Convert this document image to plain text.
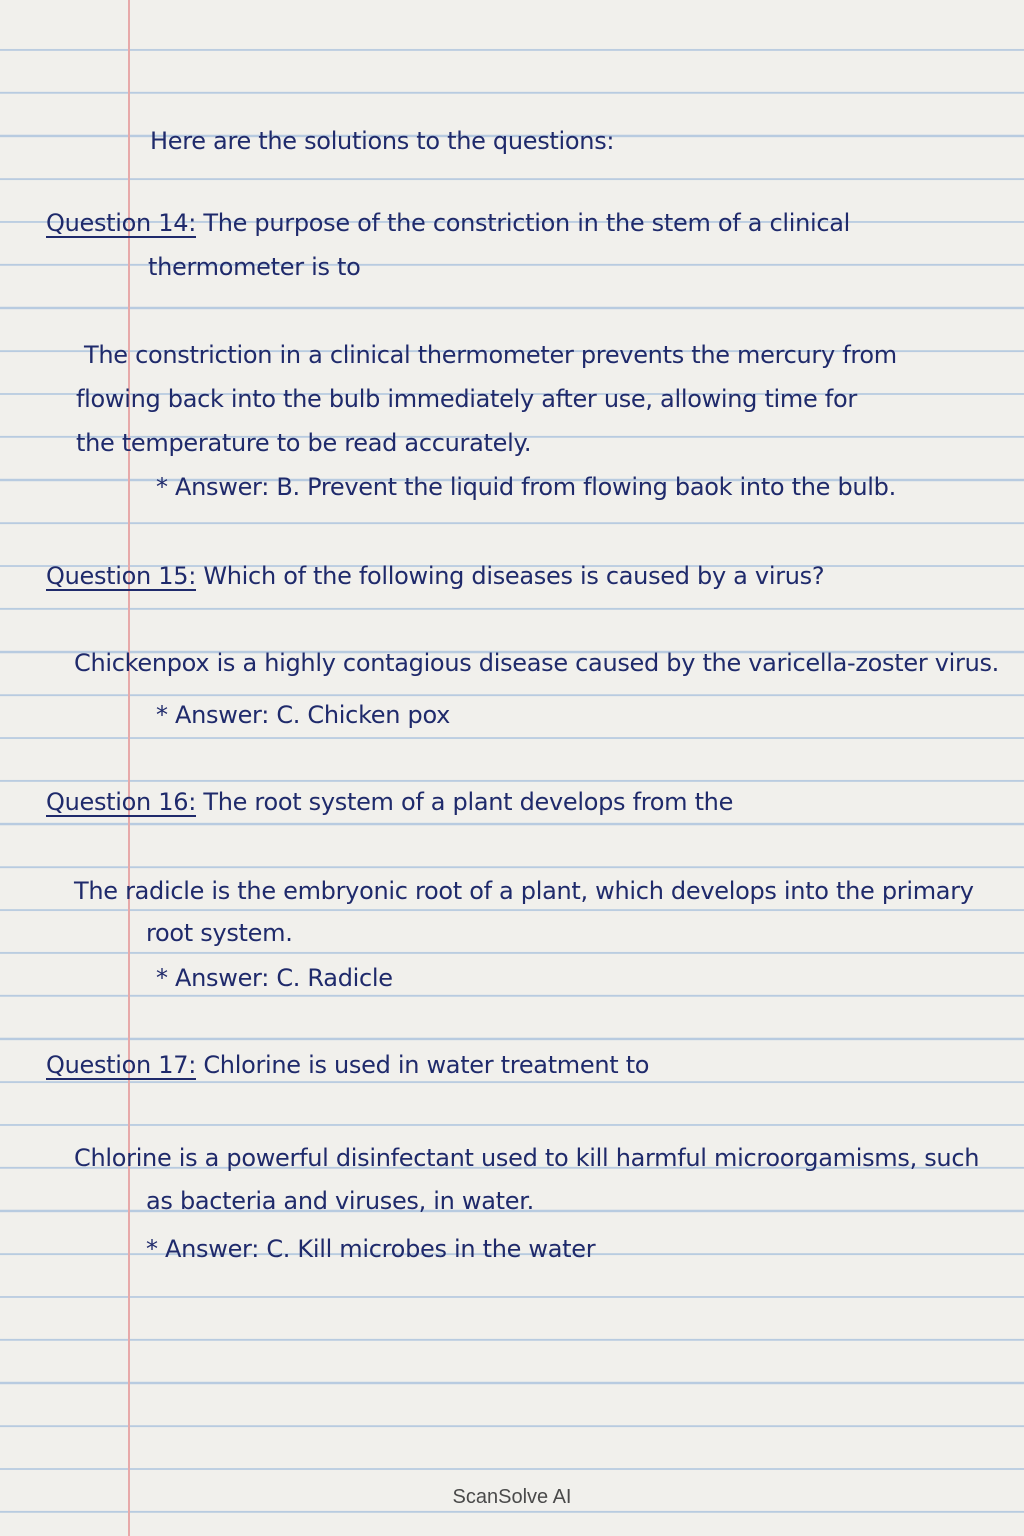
Here are the solutions to the questions:
Question 14: The purpose of the constriction in the stem of a clinical
thermometer is to
The constriction in a clinical thermometer prevents the mercury from
flowing back into the bulb immediately after use, allowing time for
the temperature to be read accurately.
* Answer: B. Prevent the liquid from flowing baok into the bulb.
Question 15: Which of the following diseases is caused by a virus?
Chickenpox is a highly contagious disease caused by the varicella-zoster virus.
* Answer: C. Chicken pox
Question 16: The root system of a plant develops from the
The radicle is the embryonic root of a plant, which develops into the primary
root system.
* Answer: C. Radicle
Question 17: Chlorine is used in water treatment to
Chlorine is a powerful disinfectant used to kill harmful microorgamisms, such
as bacteria and viruses, in water.
* Answer: C. Kill microbes in the water
ScanSolve AI
